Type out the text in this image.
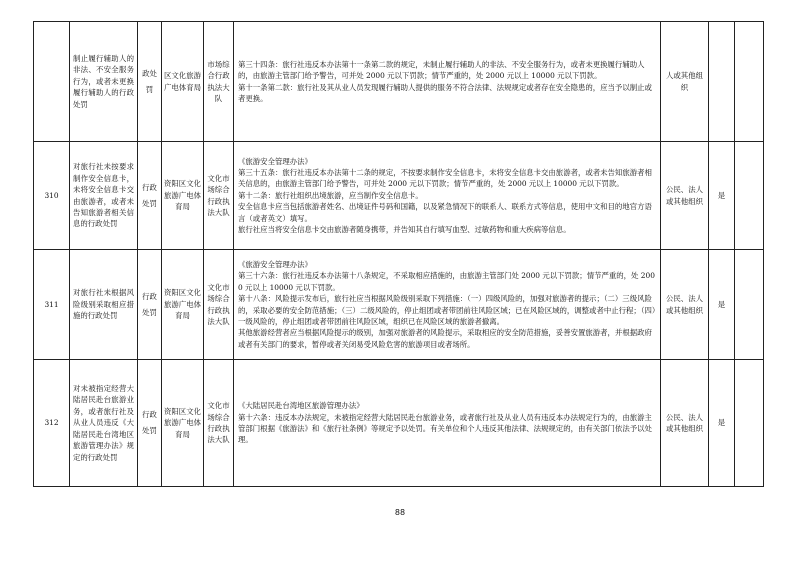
	制止履行辅助人的非法、不安全服务行为，或者未更换履行辅助人的行政处罚	政处罚	区文化旅游广电体育局	市场综合行政执法大队	第三十四条：旅行社违反本办法第十一条第二款的规定，未制止履行辅助人的非法、不安全服务行为，或者未更换履行辅助人的，由旅游主管部门给予警告，可并处 2000 元以下罚款；情节严重的，处 2000 元以上 10000 元以下罚款。
第十一条第二款：旅行社及其从业人员发现履行辅助人提供的服务不符合法律、法规规定或者存在安全隐患的，应当予以制止或者更换。	人或其他组织		
310	对旅行社未按要求制作安全信息卡，未将安全信息卡交由旅游者，或者未告知旅游者相关信息的行政处罚	行政处罚	资阳区文化旅游广电体育局	文化市场综合行政执法大队	《旅游安全管理办法》
第三十五条：旅行社违反本办法第十二条的规定，不按要求制作安全信息卡，未将安全信息卡交由旅游者，或者未告知旅游者相关信息的，由旅游主管部门给予警告，可并处 2000 元以下罚款；情节严重的，处 2000 元以上 10000 元以下罚款。
第十二条：旅行社组织出境旅游，应当制作安全信息卡。
安全信息卡应当包括旅游者姓名、出境证件号码和国籍，以及紧急情况下的联系人、联系方式等信息，使用中文和目的地官方语言（或者英文）填写。
旅行社应当将安全信息卡交由旅游者随身携带，并告知其自行填写血型、过敏药物和重大疾病等信息。	公民、法人或其他组织	是	
311	对旅行社未根据风险级别采取相应措施的行政处罚	行政处罚	资阳区文化旅游广电体育局	文化市场综合行政执法大队	《旅游安全管理办法》
第三十六条：旅行社违反本办法第十八条规定，不采取相应措施的，由旅游主管部门处 2000 元以下罚款；情节严重的，处 2000 元以上 10000 元以下罚款。
第十八条：风险提示发布后，旅行社应当根据风险级别采取下列措施：（一）四级风险的，加强对旅游者的提示；（二）三级风险的，采取必要的安全防范措施；（三）二级风险的，停止组团或者带团前往风险区域；已在风险区域的，调整或者中止行程；（四）一级风险的，停止组团或者带团前往风险区域，组织已在风险区域的旅游者撤离。
其他旅游经营者应当根据风险提示的级别，加强对旅游者的风险提示，采取相应的安全防范措施，妥善安置旅游者，并根据政府或者有关部门的要求，暂停或者关闭易受风险危害的旅游项目或者场所。	公民、法人或其他组织	是	
312	对未被指定经营大陆居民赴台旅游业务，或者旅行社及从业人员违反《大陆居民赴台湾地区旅游管理办法》规定的行政处罚	行政处罚	资阳区文化旅游广电体育局	文化市场综合行政执法大队	《大陆居民赴台湾地区旅游管理办法》
第十六条：违反本办法规定，未被指定经营大陆居民赴台旅游业务，或者旅行社及从业人员有违反本办法规定行为的，由旅游主管部门根据《旅游法》和《旅行社条例》等规定予以处罚。有关单位和个人违反其他法律、法规规定的，由有关部门依法予以处理。	公民、法人或其他组织	是	
88
